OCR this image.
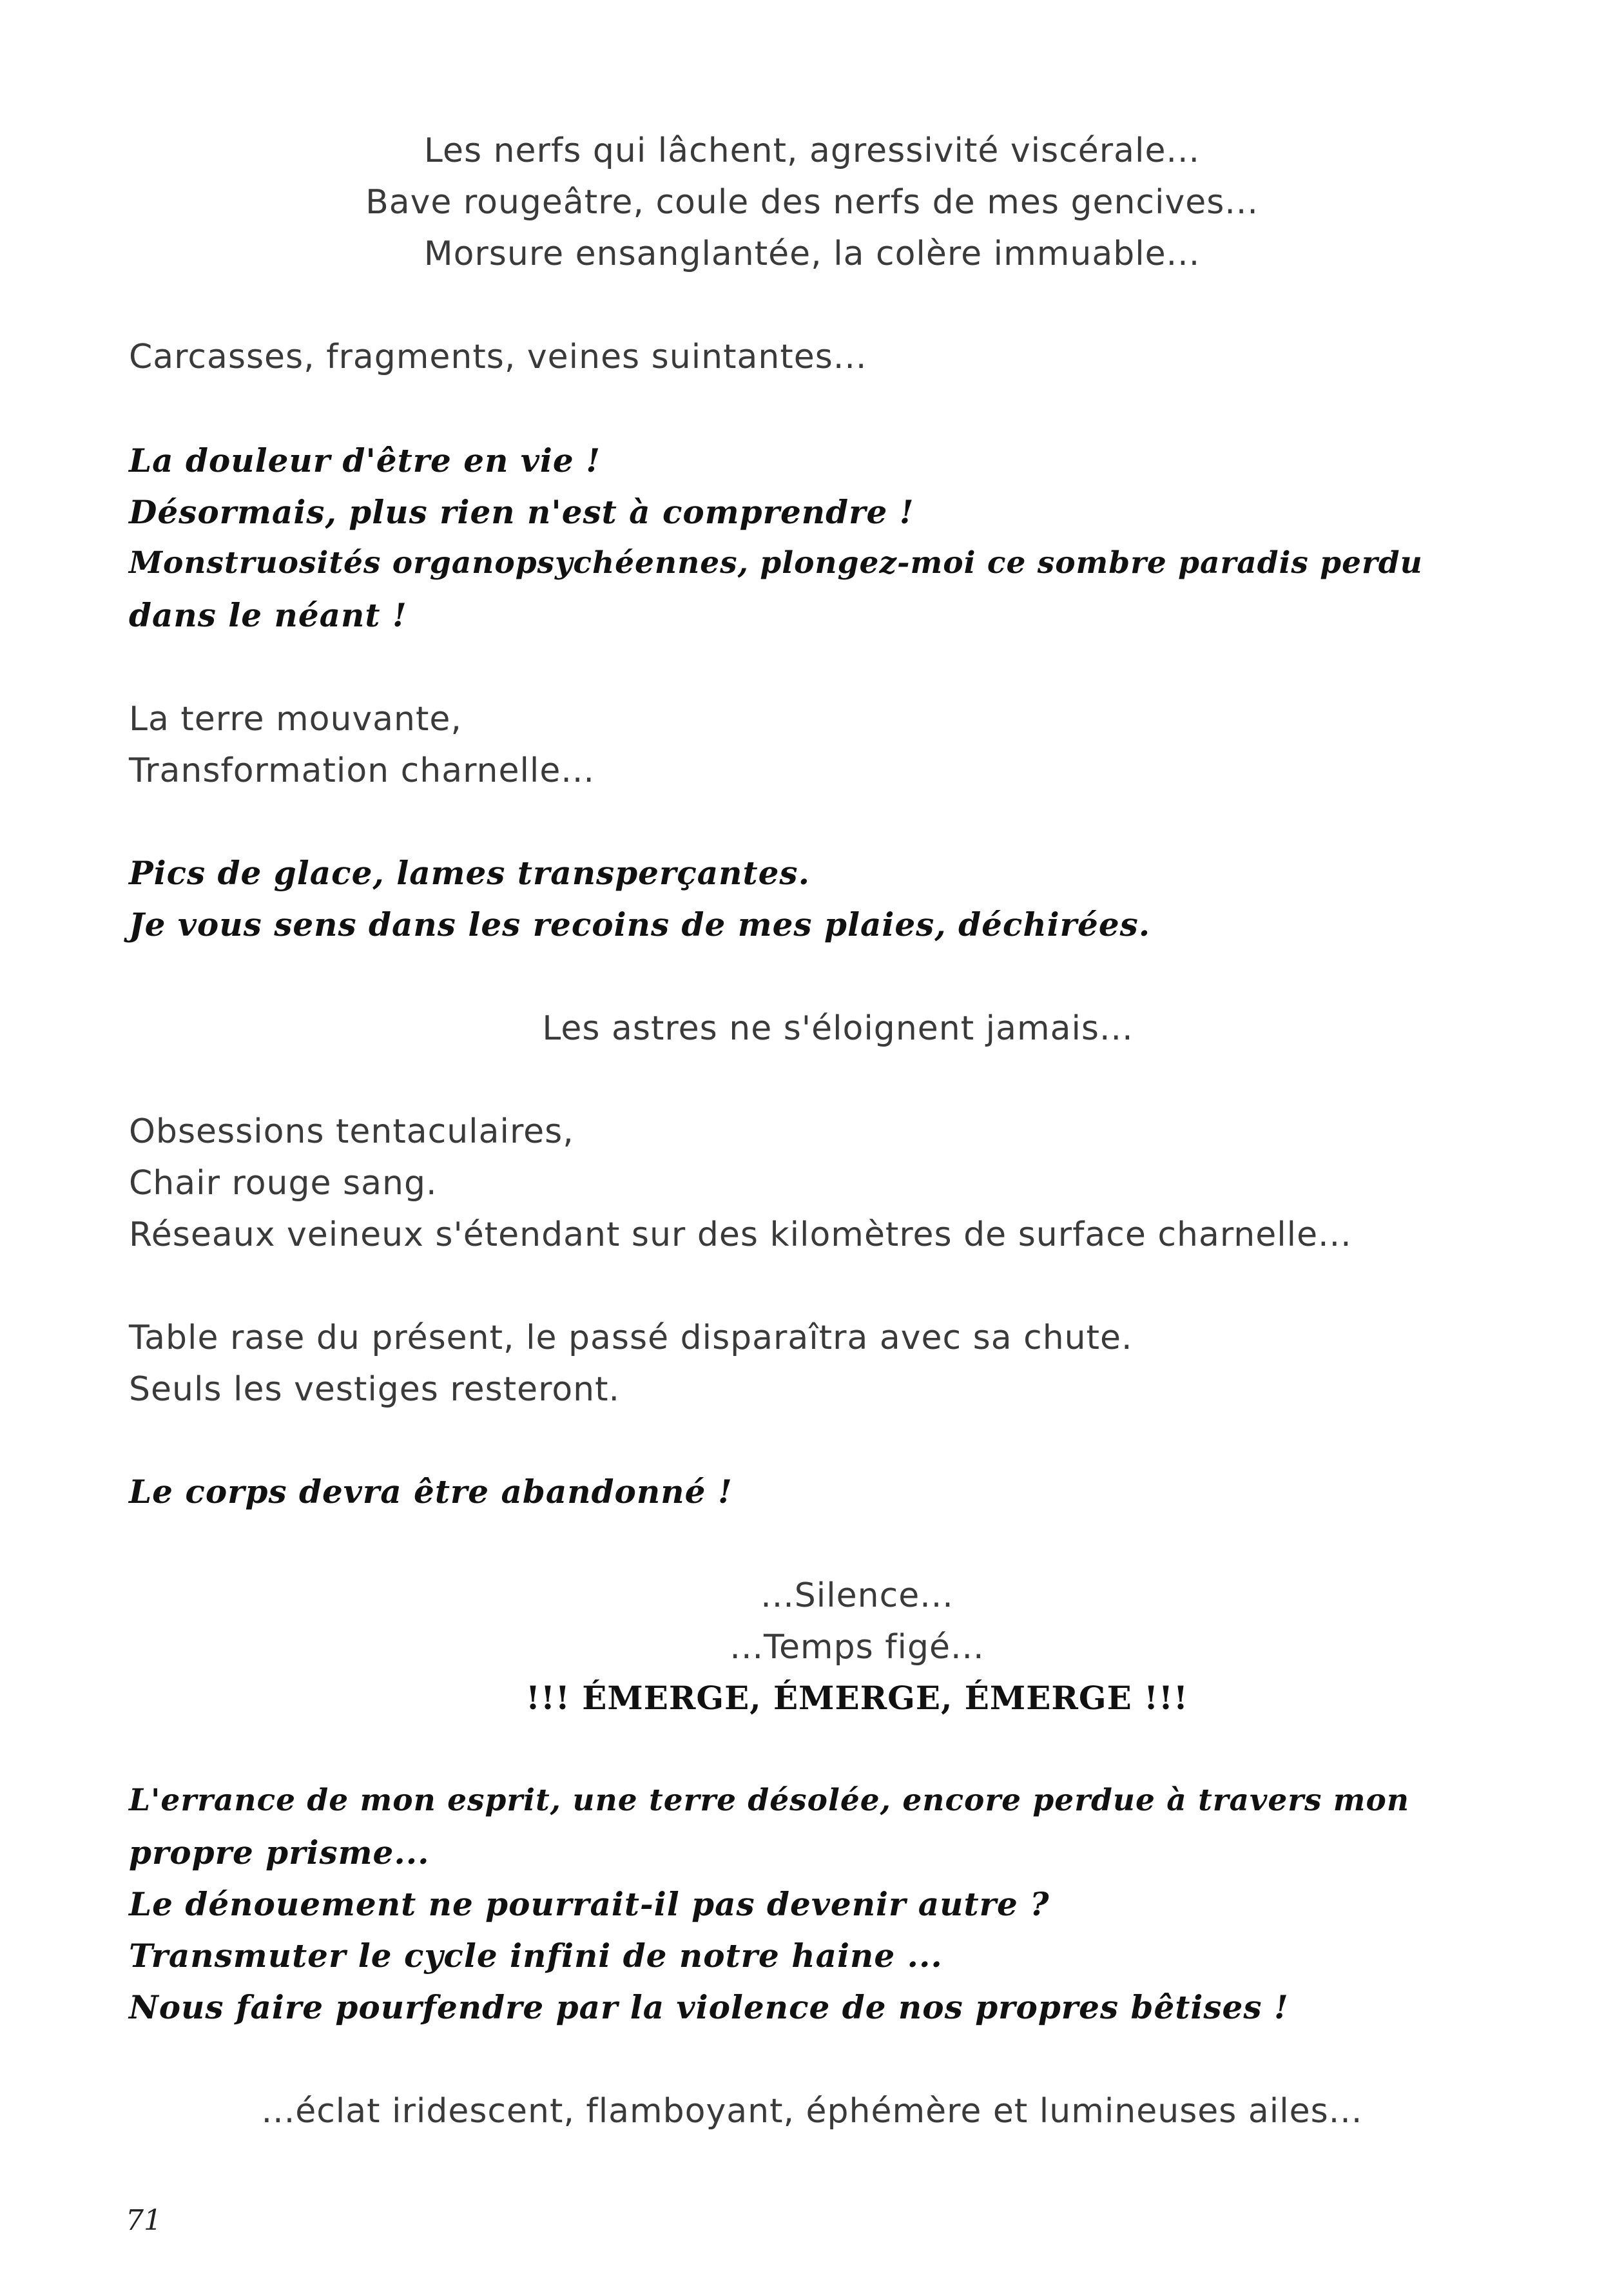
Les nerfs qui lâchent, agressivité viscérale...
Bave rougeâtre, coule des nerfs de mes gencives...
Morsure ensanglantée, la colère immuable...
Carcasses, fragments, veines suintantes...
La douleur d'être en vie !
Désormais, plus rien n'est à comprendre !
Monstruosités organopsychéennes, plongez-moi ce sombre paradis perdu
dans le néant !
La terre mouvante,
Transformation charnelle...
Pics de glace, lames transperçantes.
Je vous sens dans les recoins de mes plaies, déchirées.
Les astres ne s'éloignent jamais...
Obsessions tentaculaires,
Chair rouge sang.
Réseaux veineux s'étendant sur des kilomètres de surface charnelle...
Table rase du présent, le passé disparaîtra avec sa chute.
Seuls les vestiges resteront.
Le corps devra être abandonné !
...Silence...
...Temps figé...
!!! ÉMERGE, ÉMERGE, ÉMERGE !!!
L'errance de mon esprit, une terre désolée, encore perdue à travers mon
propre prisme...
Le dénouement ne pourrait-il pas devenir autre ?
Transmuter le cycle infini de notre haine ...
Nous faire pourfendre par la violence de nos propres bêtises !
...éclat iridescent, flamboyant, éphémère et lumineuses ailes...
71
